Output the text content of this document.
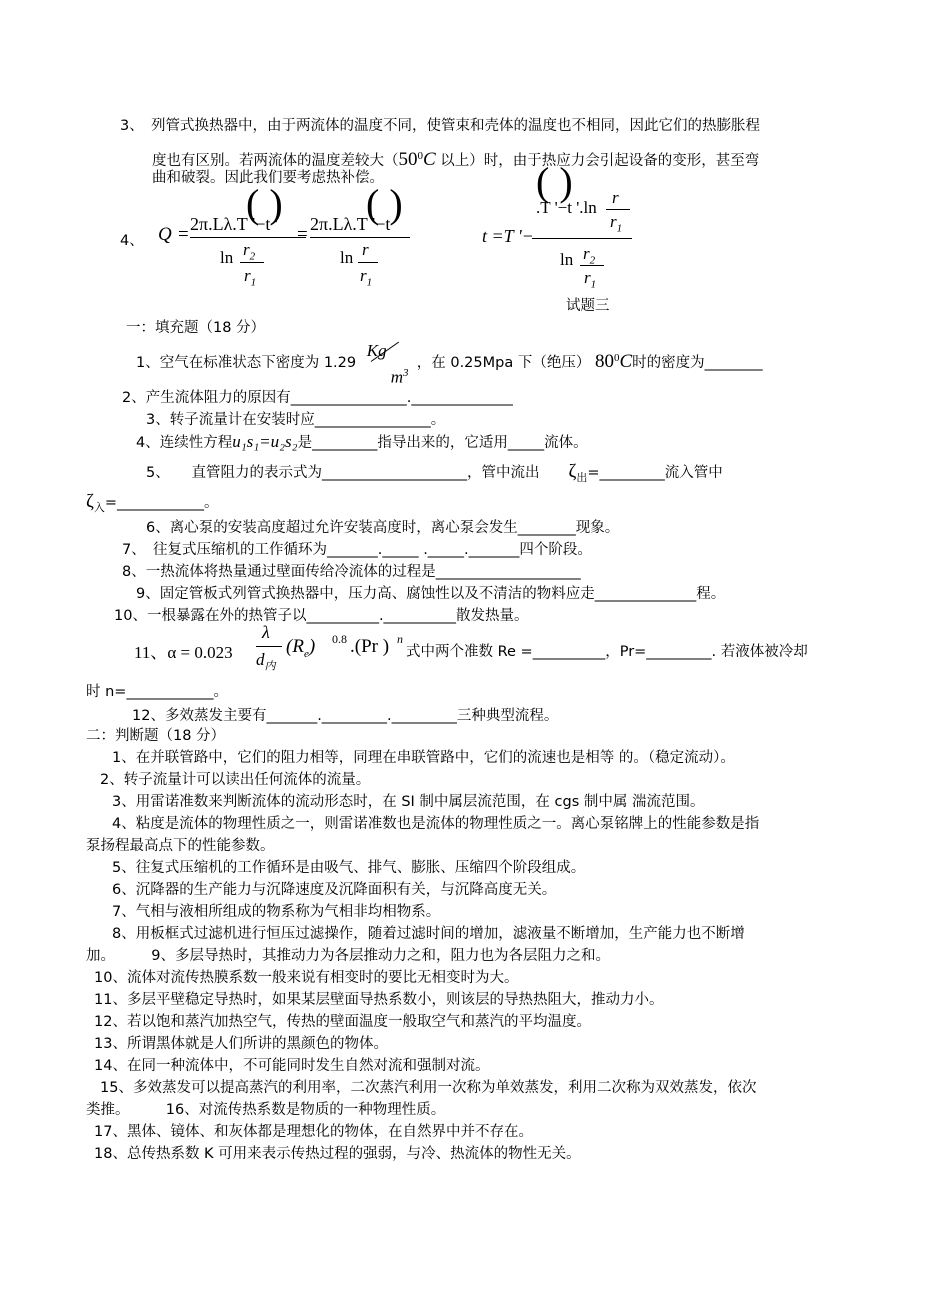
3、　列管式换热器中，由于两流体的温度不同，使管束和壳体的温度也不相同，因此它们的热膨胀程
度也有区别。若两流体的温度差较大（$50^0C$ 以上）时，由于热应力会引起设备的变形，甚至弯
曲和破裂。因此我们要考虑热补偿。
4、 Q =
( )
2π.Lλ.T '−t '
$\ln r_2$
$r_1$
=
( )
2π.Lλ.T '−t
ln r
$r_1$
t =T '−
( )
.T '−t '.ln
r
$r_1$
$\ln r_2$
$r_1$
试题三
一：填充题（18 分）
1、空气在标准状态下密度为 1.29
Kg
$m^3$
，在 0.25Mpa 下（绝压） $80^0C$时的密度为________
2、产生流体阻力的原因有________________.______________
3、转子流量计在安装时应________________。
4、连续性方程u₁s₁=u₂s₂是_________指导出来的，它适用_____流体。
5、　　直管阻力的表示式为____________________，管中流出　　$\zeta_出=\_\_\_\_\_\_\_\_\_$流入管中
$\zeta_入=\_\_\_\_\_\_\_\_\_\_\_\_$。
6、离心泵的安装高度超过允许安装高度时，离心泵会发生________现象。
7、　往复式压缩机的工作循环为_______._____ ._____._______四个阶段。
8、一热流体将热量通过壁面传给冷流体的过程是____________________
9、固定管板式列管式换热器中，压力高、腐蚀性以及不清洁的物料应走______________程。
10、一根暴露在外的热管子以__________.__________散发热量。
11、α = 0.023
λ
$d_内$
$(R_e)$ 0.8 .(Pr ) n
式中两个准数 Re =__________，Pr=_________. 若液体被冷却
时 n=____________。
12、多效蒸发主要有_______._________._________三种典型流程。
二：判断题（18 分）
1、在并联管路中，它们的阻力相等，同理在串联管路中，它们的流速也是相等 的。（稳定流动）。
2、转子流量计可以读出任何流体的流量。
3、用雷诺准数来判断流体的流动形态时，在 SI 制中属层流范围，在 cgs 制中属 湍流范围。
4、粘度是流体的物理性质之一，则雷诺准数也是流体的物理性质之一。离心泵铭牌上的性能参数是指
泵扬程最高点下的性能参数。
5、往复式压缩机的工作循环是由吸气、排气、膨胀、压缩四个阶段组成。
6、沉降器的生产能力与沉降速度及沉降面积有关，与沉降高度无关。
7、气相与液相所组成的物系称为气相非均相物系。
8、用板框式过滤机进行恒压过滤操作，随着过滤时间的增加，滤液量不断增加，生产能力也不断增
加。　　　9、多层导热时，其推动力为各层推动力之和，阻力也为各层阻力之和。
10、流体对流传热膜系数一般来说有相变时的要比无相变时为大。
11、多层平壁稳定导热时，如果某层壁面导热系数小，则该层的导热热阻大，推动力小。
12、若以饱和蒸汽加热空气，传热的壁面温度一般取空气和蒸汽的平均温度。
13、所谓黑体就是人们所讲的黑颜色的物体。
14、在同一种流体中，不可能同时发生自然对流和强制对流。
15、多效蒸发可以提高蒸汽的利用率，二次蒸汽利用一次称为单效蒸发，利用二次称为双效蒸发，依次
类推。　　　16、对流传热系数是物质的一种物理性质。
17、黑体、镜体、和灰体都是理想化的物体，在自然界中并不存在。
18、总传热系数 K 可用来表示传热过程的强弱，与冷、热流体的物性无关。
